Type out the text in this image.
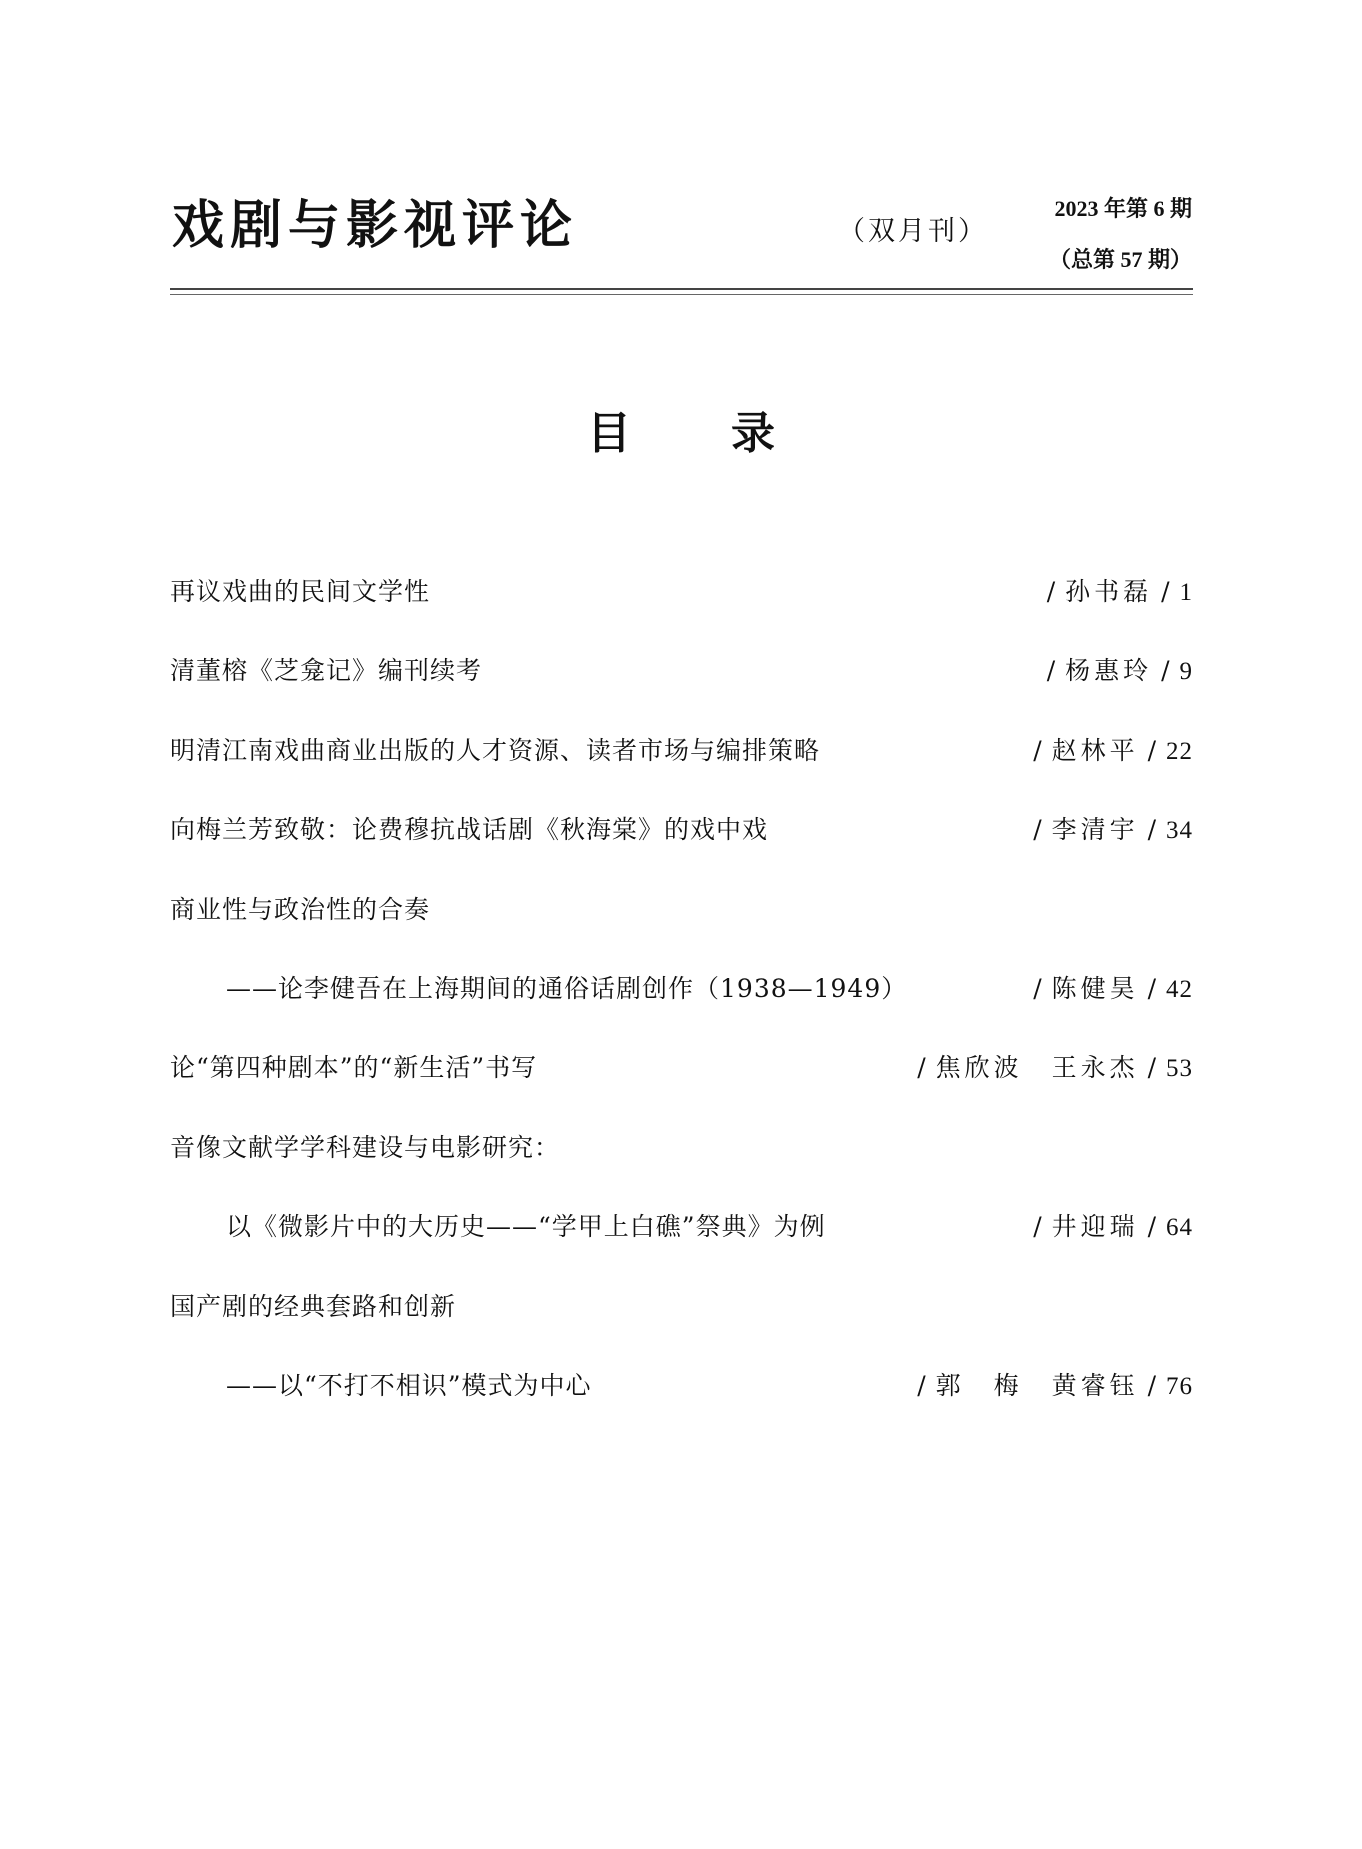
戏剧与影视评论	（双月刊）
2023 年第 6 期
（总第 57 期）
目录
再议戏曲的民间文学性	/ 孙书磊 / 1
清董榕《芝龛记》编刊续考	/ 杨惠玲 / 9
明清江南戏曲商业出版的人才资源、读者市场与编排策略	/ 赵林平 / 22
向梅兰芳致敬：论费穆抗战话剧《秋海棠》的戏中戏	/ 李清宇 / 34
商业性与政治性的合奏
——论李健吾在上海期间的通俗话剧创作（1938—1949）	/ 陈健昊 / 42
论“第四种剧本”的“新生活”书写	/ 焦欣波　王永杰 / 53
音像文献学学科建设与电影研究：
以《微影片中的大历史——“学甲上白礁”祭典》为例	/ 井迎瑞 / 64
国产剧的经典套路和创新
——以“不打不相识”模式为中心	/ 郭　梅　黄睿钰 / 76
